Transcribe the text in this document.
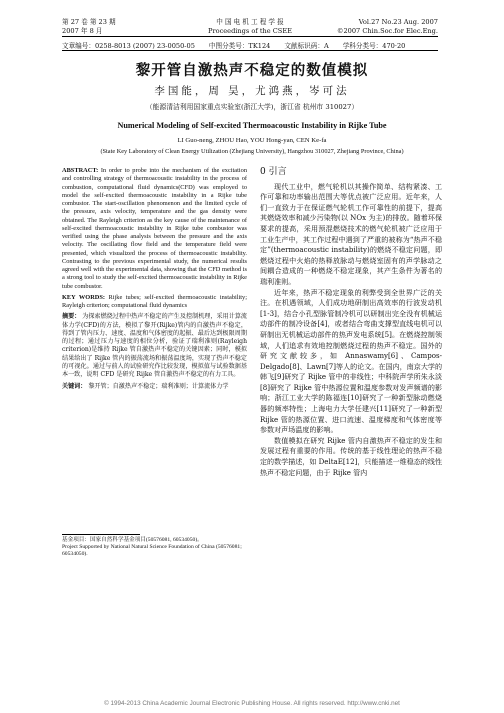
第 27 卷 第 23 期	中 国 电 机 工 程 学 报	Vol.27 No.23 Aug. 2007
2007 年 8 月	Proceedings of the CSEE	©2007 Chin.Soc.for Elec.Eng.
文章编号：0258-8013 (2007) 23-0050-05 中图分类号：TK124 文献标识码：A 学科分类号：470·20
黎开管自激热声不稳定的数值模拟
李国能，周 昊，尤鸿燕，岑可法
（能源清洁利用国家重点实验室(浙江大学)，浙江省 杭州市 310027）
Numerical Modeling of Self-excited Thermoacoustic Instability in Rijke Tube
LI Guo-neng, ZHOU Hao, YOU Hong-yan, CEN Ke-fa
(State Key Laboratory of Clean Energy Utilization (Zhejiang University), Hangzhou 310027, Zhejiang Province, China)

ABSTRACT: In order to probe into the mechanism of the excitation and controlling strategy of thermoacoustic instability in the process of combustion, computational fluid dynamics(CFD) was employed to model the self-excited thermoacoustic instability in a Rijke tube combustor. The start-oscillation phenomenon and the limited cycle of the pressure, axis velocity, temperature and the gas density were obtained. The Rayleigh criterion as the key cause of the maintenance of self-excited thermoacoustic instability in Rijke tube combustor was verified using the phase analysis between the pressure and the axis velocity. The oscillating flow field and the temperature field were presented, which visualized the process of thermoacoustic instability. Contrasting to the previous experimental study, the numerical results agreed well with the experimental data, showing that the CFD method is a strong tool to study the self-excited thermoacoustic instability in Rijke tube combustor.

KEY WORDS: Rijke tubes; self-excited thermoacoustic instability; Rayleigh criterion; computational fluid dynamics

摘要： 为探索燃烧过程中热声不稳定的产生及控制机理，采用计算流体力学(CFD)的方法，模拟了黎开(Rijke)管内的自激热声不稳定，得到了管内压力、速度、温度和气体密度的起振、最后达到极限周期的过程；通过压力与速度的相位分析，验证了瑞利准则(Rayleigh criterion)是维持 Rijke 管自激热声不稳定的关键因素；同时，模拟结果给出了 Rijke 管内的振荡流场和振荡温度场，实现了热声不稳定的可视化。通过与前人的试验研究作比较发现，模拟值与试验数据基本一致，说明 CFD 是研究 Rijke 管自激热声不稳定的有力工具。

关键词： 黎开管；自激热声不稳定；瑞利准则；计算流体力学

基金项目：国家自然科学基金项目(50576081, 60534050)。
Project Supported by National Natural Science Foundation of China (50576081; 60534050).
0 引言

现代工业中，燃气轮机以其操作简单、结构紧凑、工作可靠和功率输出范围大等优点被广泛应用。近年来，人们一直致力于在保证燃气轮机工作可靠性的前提下，提高其燃烧效率和减少污染物(以 NOx 为主)的排放。随着环保要求的提高，采用预混燃烧技术的燃气轮机被广泛应用于工业生产中，其工作过程中遇到了严重的被称为“热声不稳定”(thermoacoustic instability)的燃烧不稳定问题，即燃烧过程中火焰的热释放脉动与燃烧室固有的声学脉动之间耦合造成的一种燃烧不稳定现象，其产生条件为著名的瑞利准则。

近年来，热声不稳定现象的利弊受到全世界广泛的关注。在机遇领域，人们成功地研制出高效率的行波发动机[1-3]，结合小孔型脉管制冷机可以研制出完全没有机械运动部件的制冷设备[4]，或者结合弯曲支撑型直线电机可以研制出无机械运动部件的热声发电系统[5]。在燃烧控制领域，人们追求有效地控制燃烧过程的热声不稳定。国外的研究文献较多，如 Annaswamy[6]、Campos-Delgado[8]、Lawn[7]等人的论文。在国内，南京大学的韩飞[9]研究了 Rijke 管中的非线性；中科院声学所朱永淡[8]研究了 Rijke 管中热源位置和温度参数对发声频谱的影响；浙江工业大学的陈福连[10]研究了一种新型脉动燃烧器的频率特性；上海电力大学任建兴[11]研究了一种新型 Rijke 管的热源位置、进口流速、温度梯度和气体密度等参数对声场温度的影响。

数值模拟在研究 Rijke 管内自激热声不稳定的发生和发展过程有重要的作用。传统的基于线性理论的热声不稳定的数学描述，如 DeltaE[12]，只能描述一维稳态的线性热声不稳定问题，由于 Rijke 管内

© 1994-2013 China Academic Journal Electronic Publishing House. All rights reserved. http://www.cnki.net
